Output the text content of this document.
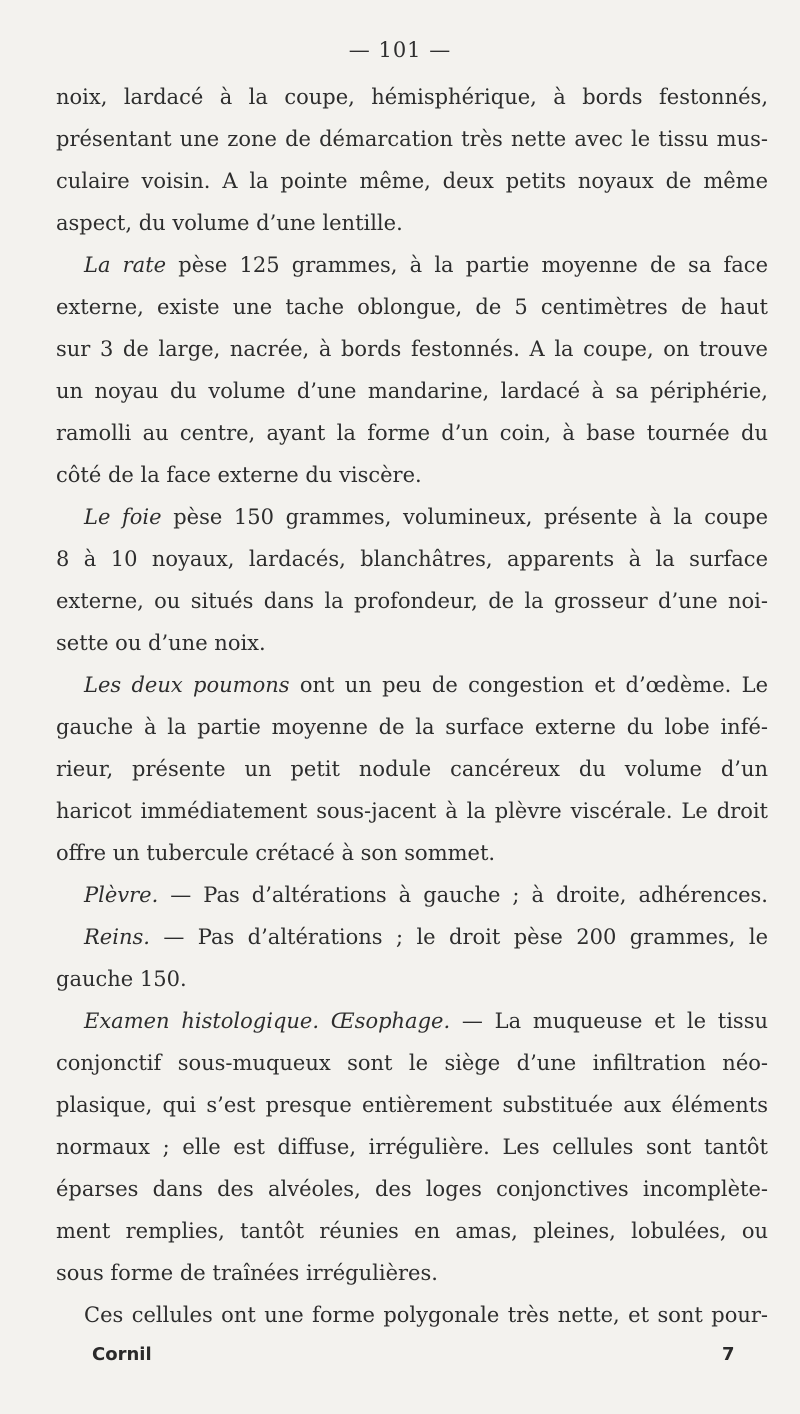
— 101 —
noix, lardacé à la coupe, hémisphérique, à bords festonnés,
présentant une zone de démarcation très nette avec le tissu mus-
culaire voisin. A la pointe même, deux petits noyaux de même
aspect, du volume d’une lentille.
La rate pèse 125 grammes, à la partie moyenne de sa face
externe, existe une tache oblongue, de 5 centimètres de haut
sur 3 de large, nacrée, à bords festonnés. A la coupe, on trouve
un noyau du volume d’une mandarine, lardacé à sa périphérie,
ramolli au centre, ayant la forme d’un coin, à base tournée du
côté de la face externe du viscère.
Le foie pèse 150 grammes, volumineux, présente à la coupe
8 à 10 noyaux, lardacés, blanchâtres, apparents à la surface
externe, ou situés dans la profondeur, de la grosseur d’une noi-
sette ou d’une noix.
Les deux poumons ont un peu de congestion et d’œdème. Le
gauche à la partie moyenne de la surface externe du lobe infé-
rieur, présente un petit nodule cancéreux du volume d’un
haricot immédiatement sous-jacent à la plèvre viscérale. Le droit
offre un tubercule crétacé à son sommet.
Plèvre. — Pas d’altérations à gauche ; à droite, adhérences.
Reins. — Pas d’altérations ; le droit pèse 200 grammes, le
gauche 150.
Examen histologique. Œsophage. — La muqueuse et le tissu
conjonctif sous-muqueux sont le siège d’une infiltration néo-
plasique, qui s’est presque entièrement substituée aux éléments
normaux ; elle est diffuse, irrégulière. Les cellules sont tantôt
éparses dans des alvéoles, des loges conjonctives incomplète-
ment remplies, tantôt réunies en amas, pleines, lobulées, ou
sous forme de traînées irrégulières.
Ces cellules ont une forme polygonale très nette, et sont pour-
Cornil	7
